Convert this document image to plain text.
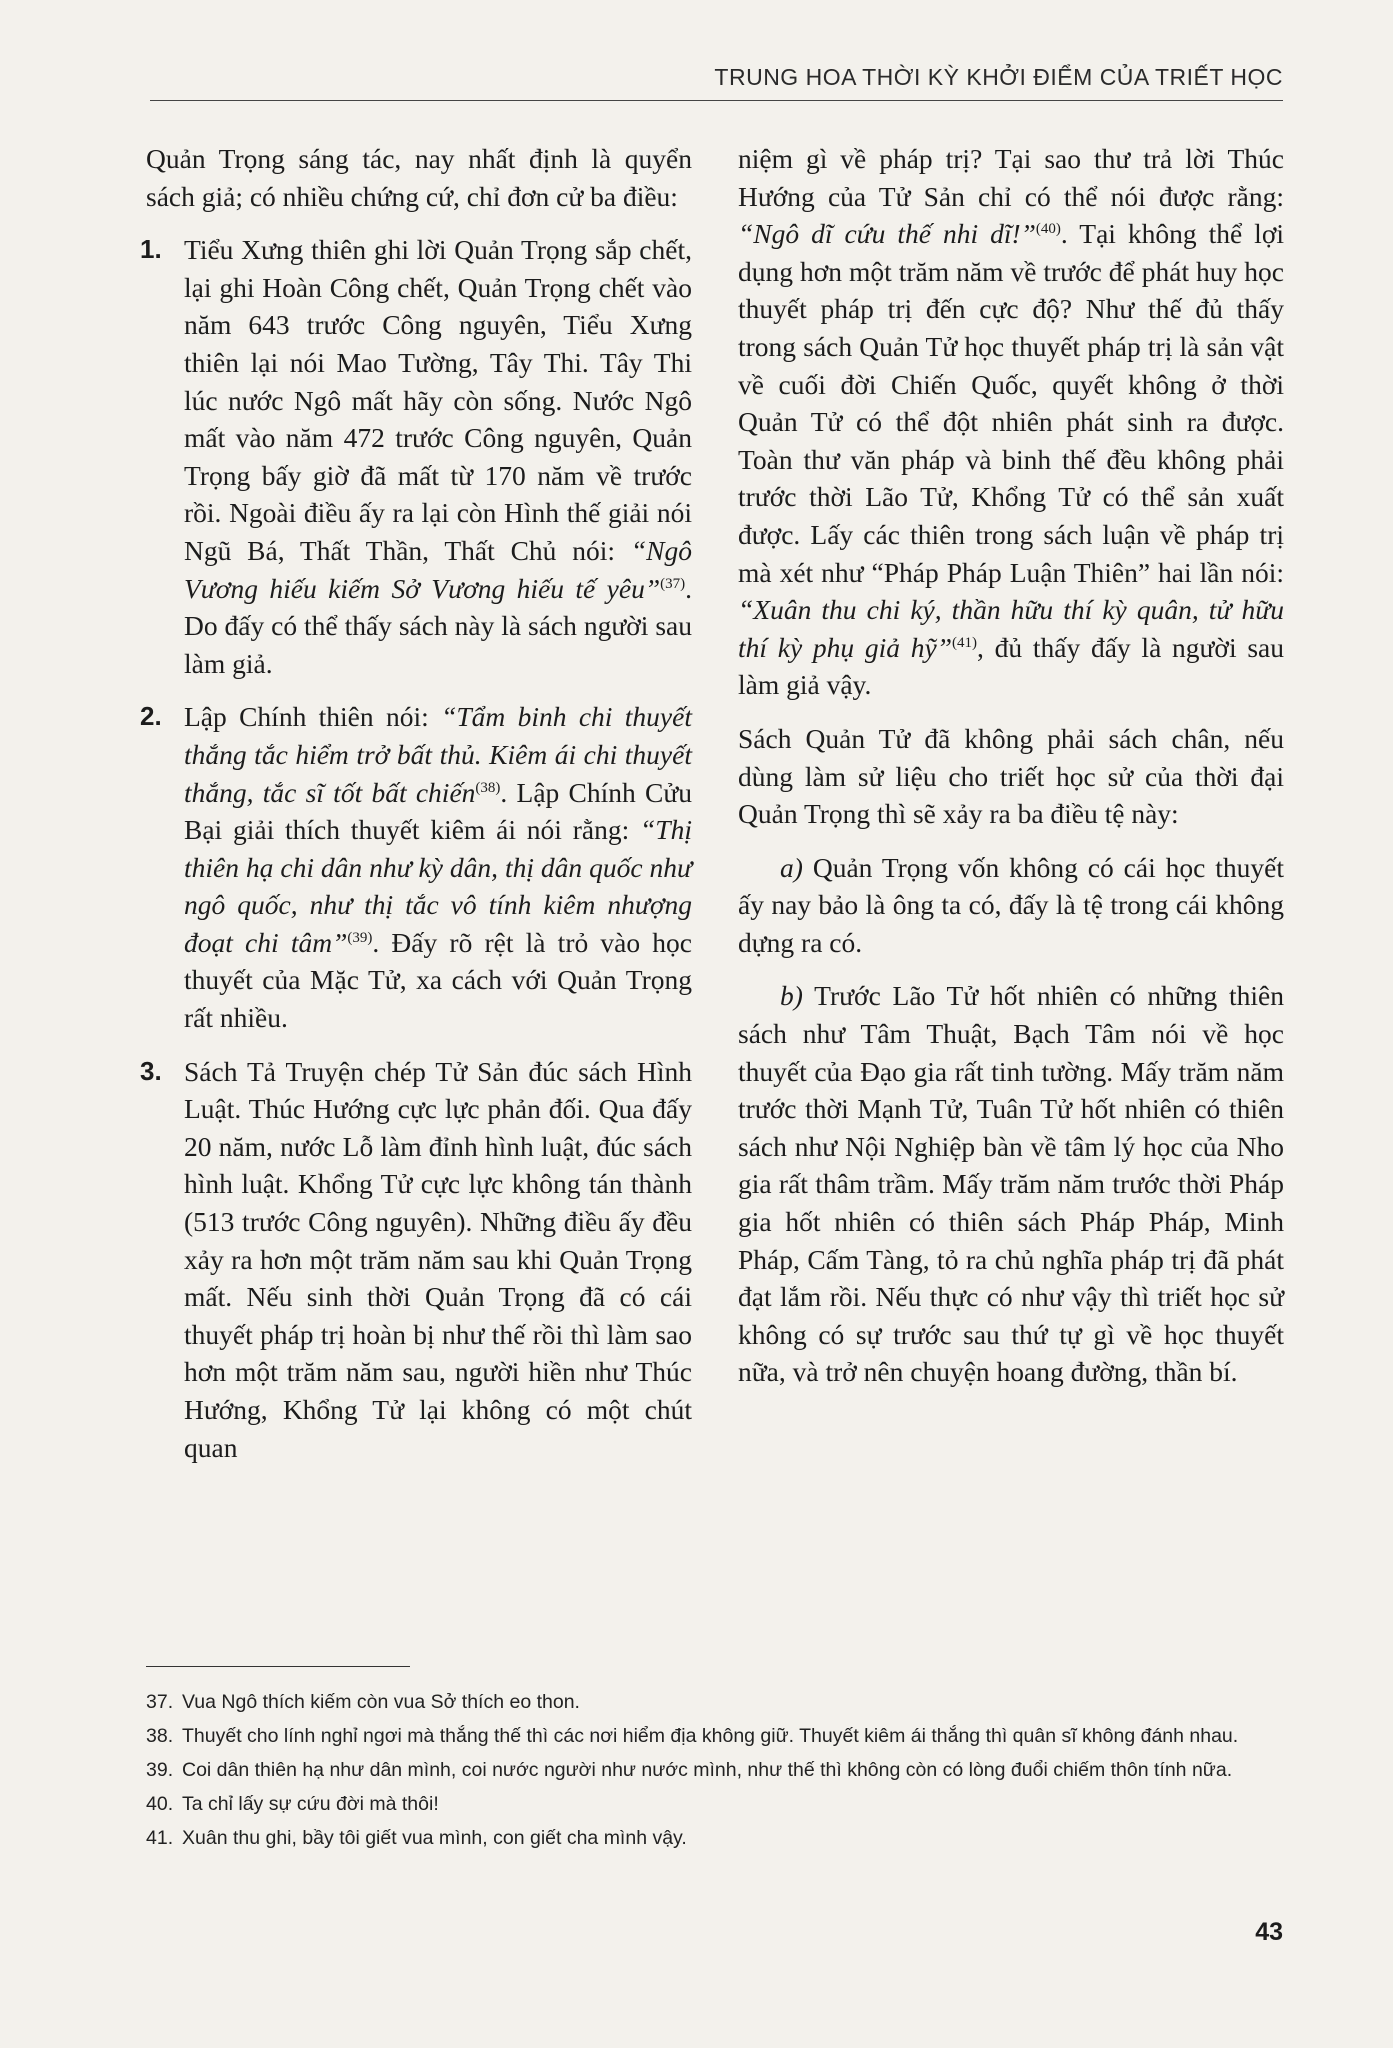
TRUNG HOA THỜI KỲ KHỞI ĐIỂM CỦA TRIẾT HỌC

Quản Trọng sáng tác, nay nhất định là quyển sách giả; có nhiều chứng cứ, chỉ đơn cử ba điều:

1. Tiểu Xưng thiên ghi lời Quản Trọng sắp chết, lại ghi Hoàn Công chết, Quản Trọng chết vào năm 643 trước Công nguyên, Tiểu Xưng thiên lại nói Mao Tường, Tây Thi. Tây Thi lúc nước Ngô mất hãy còn sống. Nước Ngô mất vào năm 472 trước Công nguyên, Quản Trọng bấy giờ đã mất từ 170 năm về trước rồi. Ngoài điều ấy ra lại còn Hình thế giải nói Ngũ Bá, Thất Thần, Thất Chủ nói: “Ngô Vương hiếu kiếm Sở Vương hiếu tế yêu”$^{(37)}$. Do đấy có thể thấy sách này là sách người sau làm giả.

2. Lập Chính thiên nói: “Tẩm binh chi thuyết thắng tắc hiểm trở bất thủ. Kiêm ái chi thuyết thắng, tắc sĩ tốt bất chiến$^{(38)}$. Lập Chính Cửu Bại giải thích thuyết kiêm ái nói rằng: “Thị thiên hạ chi dân như kỳ dân, thị dân quốc như ngô quốc, như thị tắc vô tính kiêm nhượng đoạt chi tâm”$^{(39)}$. Đấy rõ rệt là trỏ vào học thuyết của Mặc Tử, xa cách với Quản Trọng rất nhiều.

3. Sách Tả Truyện chép Tử Sản đúc sách Hình Luật. Thúc Hướng cực lực phản đối. Qua đấy 20 năm, nước Lỗ làm đỉnh hình luật, đúc sách hình luật. Khổng Tử cực lực không tán thành (513 trước Công nguyên). Những điều ấy đều xảy ra hơn một trăm năm sau khi Quản Trọng mất. Nếu sinh thời Quản Trọng đã có cái thuyết pháp trị hoàn bị như thế rồi thì làm sao hơn một trăm năm sau, người hiền như Thúc Hướng, Khổng Tử lại không có một chút quan

niệm gì về pháp trị? Tại sao thư trả lời Thúc Hướng của Tử Sản chỉ có thể nói được rằng: “Ngô dĩ cứu thế nhi dĩ!”$^{(40)}$. Tại không thể lợi dụng hơn một trăm năm về trước để phát huy học thuyết pháp trị đến cực độ? Như thế đủ thấy trong sách Quản Tử học thuyết pháp trị là sản vật về cuối đời Chiến Quốc, quyết không ở thời Quản Tử có thể đột nhiên phát sinh ra được. Toàn thư văn pháp và binh thế đều không phải trước thời Lão Tử, Khổng Tử có thể sản xuất được. Lấy các thiên trong sách luận về pháp trị mà xét như “Pháp Pháp Luận Thiên” hai lần nói: “Xuân thu chi ký, thần hữu thí kỳ quân, tử hữu thí kỳ phụ giả hỹ”$^{(41)}$, đủ thấy đấy là người sau làm giả vậy.

Sách Quản Tử đã không phải sách chân, nếu dùng làm sử liệu cho triết học sử của thời đại Quản Trọng thì sẽ xảy ra ba điều tệ này:

a) Quản Trọng vốn không có cái học thuyết ấy nay bảo là ông ta có, đấy là tệ trong cái không dựng ra có.

b) Trước Lão Tử hốt nhiên có những thiên sách như Tâm Thuật, Bạch Tâm nói về học thuyết của Đạo gia rất tinh tường. Mấy trăm năm trước thời Mạnh Tử, Tuân Tử hốt nhiên có thiên sách như Nội Nghiệp bàn về tâm lý học của Nho gia rất thâm trầm. Mấy trăm năm trước thời Pháp gia hốt nhiên có thiên sách Pháp Pháp, Minh Pháp, Cấm Tàng, tỏ ra chủ nghĩa pháp trị đã phát đạt lắm rồi. Nếu thực có như vậy thì triết học sử không có sự trước sau thứ tự gì về học thuyết nữa, và trở nên chuyện hoang đường, thần bí.

37. Vua Ngô thích kiếm còn vua Sở thích eo thon.
38. Thuyết cho lính nghỉ ngơi mà thắng thế thì các nơi hiểm địa không giữ. Thuyết kiêm ái thắng thì quân sĩ không đánh nhau.
39. Coi dân thiên hạ như dân mình, coi nước người như nước mình, như thế thì không còn có lòng đuổi chiếm thôn tính nữa.
40. Ta chỉ lấy sự cứu đời mà thôi!
41. Xuân thu ghi, bầy tôi giết vua mình, con giết cha mình vậy.
43
